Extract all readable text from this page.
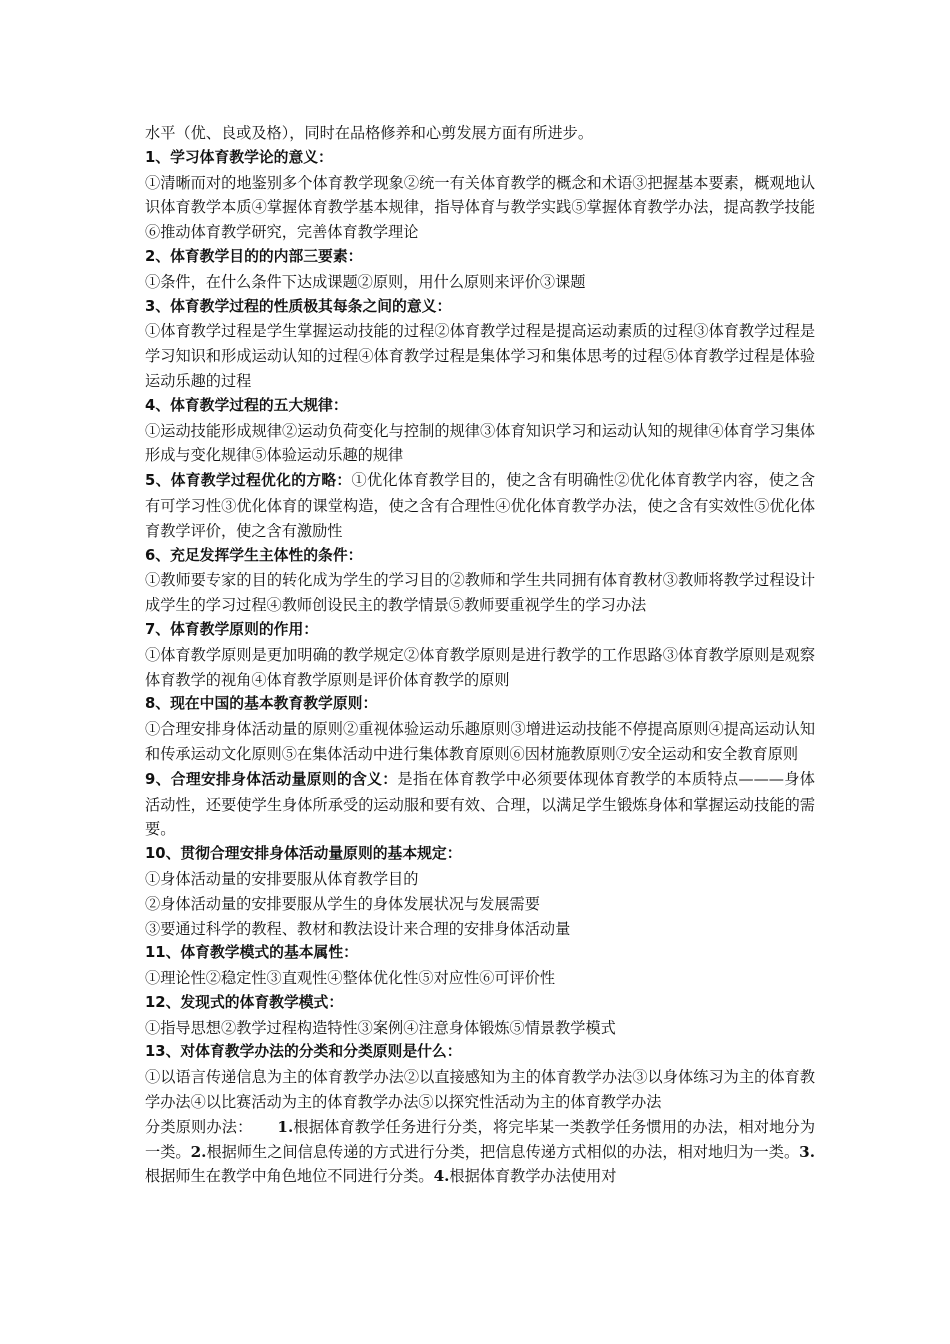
水平（优、良或及格），同时在品格修养和心剪发展方面有所进步。

1、学习体育教学论的意义：

①清晰而对的地鉴别多个体育教学现象②统一有关体育教学的概念和术语③把握基本要素，概观地认识体育教学本质④掌握体育教学基本规律，指导体育与教学实践⑤掌握体育教学办法，提高教学技能⑥推动体育教学研究，完善体育教学理论

2、体育教学目的的内部三要素：

①条件，在什么条件下达成课题②原则，用什么原则来评价③课题

3、体育教学过程的性质极其每条之间的意义：

①体育教学过程是学生掌握运动技能的过程②体育教学过程是提高运动素质的过程③体育教学过程是学习知识和形成运动认知的过程④体育教学过程是集体学习和集体思考的过程⑤体育教学过程是体验运动乐趣的过程

4、体育教学过程的五大规律：

①运动技能形成规律②运动负荷变化与控制的规律③体育知识学习和运动认知的规律④体育学习集体形成与变化规律⑤体验运动乐趣的规律

5、体育教学过程优化的方略：①优化体育教学目的，使之含有明确性②优化体育教学内容，使之含有可学习性③优化体育的课堂构造，使之含有合理性④优化体育教学办法，使之含有实效性⑤优化体育教学评价，使之含有激励性

6、充足发挥学生主体性的条件：

①教师要专家的目的转化成为学生的学习目的②教师和学生共同拥有体育教材③教师将教学过程设计成学生的学习过程④教师创设民主的教学情景⑤教师要重视学生的学习办法

7、体育教学原则的作用：

①体育教学原则是更加明确的教学规定②体育教学原则是进行教学的工作思路③体育教学原则是观察体育教学的视角④体育教学原则是评价体育教学的原则

8、现在中国的基本教育教学原则：

①合理安排身体活动量的原则②重视体验运动乐趣原则③增进运动技能不停提高原则④提高运动认知和传承运动文化原则⑤在集体活动中进行集体教育原则⑥因材施教原则⑦安全运动和安全教育原则

9、合理安排身体活动量原则的含义：是指在体育教学中必须要体现体育教学的本质特点———身体活动性，还要使学生身体所承受的运动服和要有效、合理，以满足学生锻炼身体和掌握运动技能的需要。

10、贯彻合理安排身体活动量原则的基本规定：

①身体活动量的安排要服从体育教学目的

②身体活动量的安排要服从学生的身体发展状况与发展需要

③要通过科学的教程、教材和教法设计来合理的安排身体活动量

11、体育教学模式的基本属性：

①理论性②稳定性③直观性④整体优化性⑤对应性⑥可评价性

12、发现式的体育教学模式：

①指导思想②教学过程构造特性③案例④注意身体锻炼⑤情景教学模式

13、对体育教学办法的分类和分类原则是什么：

①以语言传递信息为主的体育教学办法②以直接感知为主的体育教学办法③以身体练习为主的体育教学办法④以比赛活动为主的体育教学办法⑤以探究性活动为主的体育教学办法

分类原则办法： 1.根据体育教学任务进行分类，将完毕某一类教学任务惯用的办法，相对地分为一类。2.根据师生之间信息传递的方式进行分类，把信息传递方式相似的办法，相对地归为一类。3.根据师生在教学中角色地位不同进行分类。4.根据体育教学办法使用对
